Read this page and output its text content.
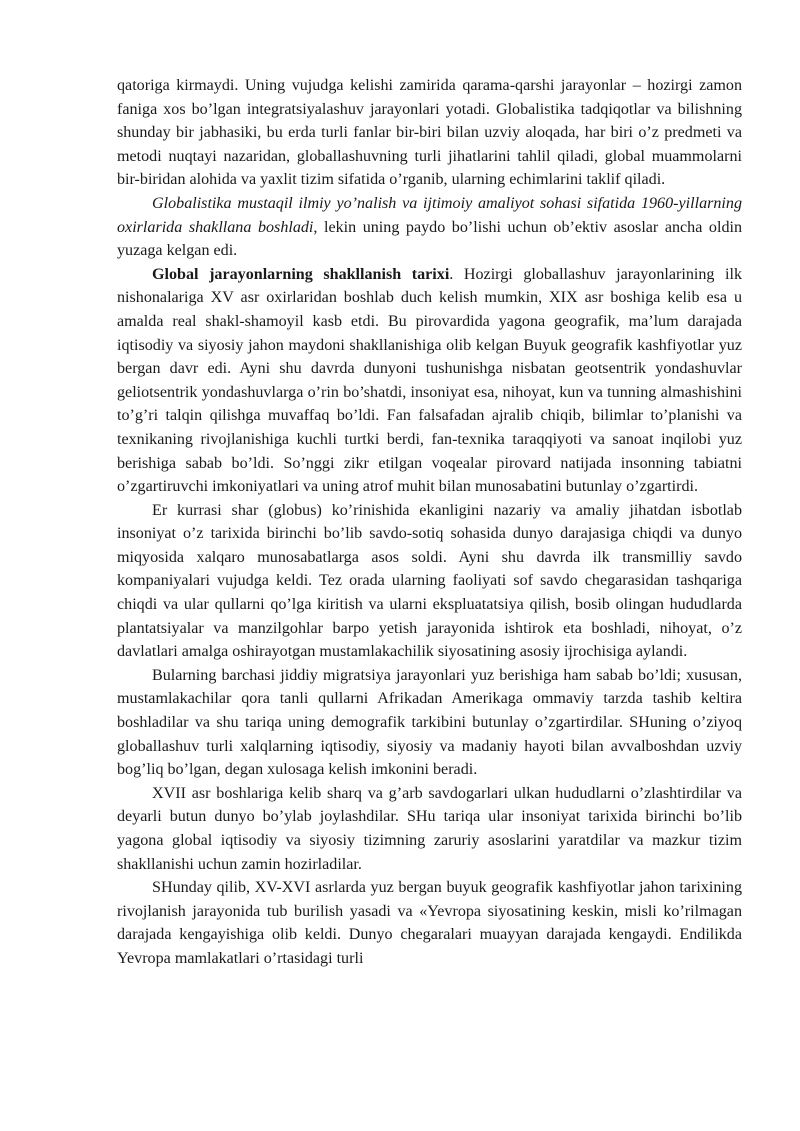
qatoriga kirmaydi. Uning vujudga kelishi zamirida qarama-qarshi jarayonlar – hozirgi zamon faniga xos bo’lgan integratsiyalashuv jarayonlari yotadi. Globalistika tadqiqotlar va bilishning shunday bir jabhasiki, bu erda turli fanlar bir-biri bilan uzviy aloqada, har biri o’z predmeti va metodi nuqtayi nazaridan, globallashuvning turli jihatlarini tahlil qiladi, global muammolarni bir-biridan alohida va yaxlit tizim sifatida o’rganib, ularning echimlarini taklif qiladi.

Globalistika mustaqil ilmiy yo’nalish va ijtimoiy amaliyot sohasi sifatida 1960-yillarning oxirlarida shakllana boshladi, lekin uning paydo bo’lishi uchun ob’ektiv asoslar ancha oldin yuzaga kelgan edi.

Global jarayonlarning shakllanish tarixi. Hozirgi globallashuv jarayonlarining ilk nishonalariga XV asr oxirlaridan boshlab duch kelish mumkin, XIX asr boshiga kelib esa u amalda real shakl-shamoyil kasb etdi. Bu pirovardida yagona geografik, ma’lum darajada iqtisodiy va siyosiy jahon maydoni shakllanishiga olib kelgan Buyuk geografik kashfiyotlar yuz bergan davr edi. Ayni shu davrda dunyoni tushunishga nisbatan geotsentrik yondashuvlar geliotsentrik yondashuvlarga o’rin bo’shatdi, insoniyat esa, nihoyat, kun va tunning almashishini to’g’ri talqin qilishga muvaffaq bo’ldi. Fan falsafadan ajralib chiqib, bilimlar to’planishi va texnikaning rivojlanishiga kuchli turtki berdi, fan-texnika taraqqiyoti va sanoat inqilobi yuz berishiga sabab bo’ldi. So’nggi zikr etilgan voqealar pirovard natijada insonning tabiatni o’zgartiruvchi imkoniyatlari va uning atrof muhit bilan munosabatini butunlay o’zgartirdi.

Er kurrasi shar (globus) ko’rinishida ekanligini nazariy va amaliy jihatdan isbotlab insoniyat o’z tarixida birinchi bo’lib savdo-sotiq sohasida dunyo darajasiga chiqdi va dunyo miqyosida xalqaro munosabatlarga asos soldi. Ayni shu davrda ilk transmilliy savdo kompaniyalari vujudga keldi. Tez orada ularning faoliyati sof savdo chegarasidan tashqariga chiqdi va ular qullarni qo’lga kiritish va ularni ekspluatatsiya qilish, bosib olingan hududlarda plantatsiyalar va manzilgohlar barpo yetish jarayonida ishtirok eta boshladi, nihoyat, o’z davlatlari amalga oshirayotgan mustamlakachilik siyosatining asosiy ijrochisiga aylandi.

Bularning barchasi jiddiy migratsiya jarayonlari yuz berishiga ham sabab bo’ldi; xususan, mustamlakachilar qora tanli qullarni Afrikadan Amerikaga ommaviy tarzda tashib keltira boshladilar va shu tariqa uning demografik tarkibini butunlay o’zgartirdilar. SHuning o’ziyoq globallashuv turli xalqlarning iqtisodiy, siyosiy va madaniy hayoti bilan avvalboshdan uzviy bog’liq bo’lgan, degan xulosaga kelish imkonini beradi.

XVII asr boshlariga kelib sharq va g’arb savdogarlari ulkan hududlarni o’zlashtirdilar va deyarli butun dunyo bo’ylab joylashdilar. SHu tariqa ular insoniyat tarixida birinchi bo’lib yagona global iqtisodiy va siyosiy tizimning zaruriy asoslarini yaratdilar va mazkur tizim shakllanishi uchun zamin hozirladilar.

SHunday qilib, XV-XVI asrlarda yuz bergan buyuk geografik kashfiyotlar jahon tarixining rivojlanish jarayonida tub burilish yasadi va «Yevropa siyosatining keskin, misli ko’rilmagan darajada kengayishiga olib keldi. Dunyo chegaralari muayyan darajada kengaydi. Endilikda Yevropa mamlakatlari o’rtasidagi turli
